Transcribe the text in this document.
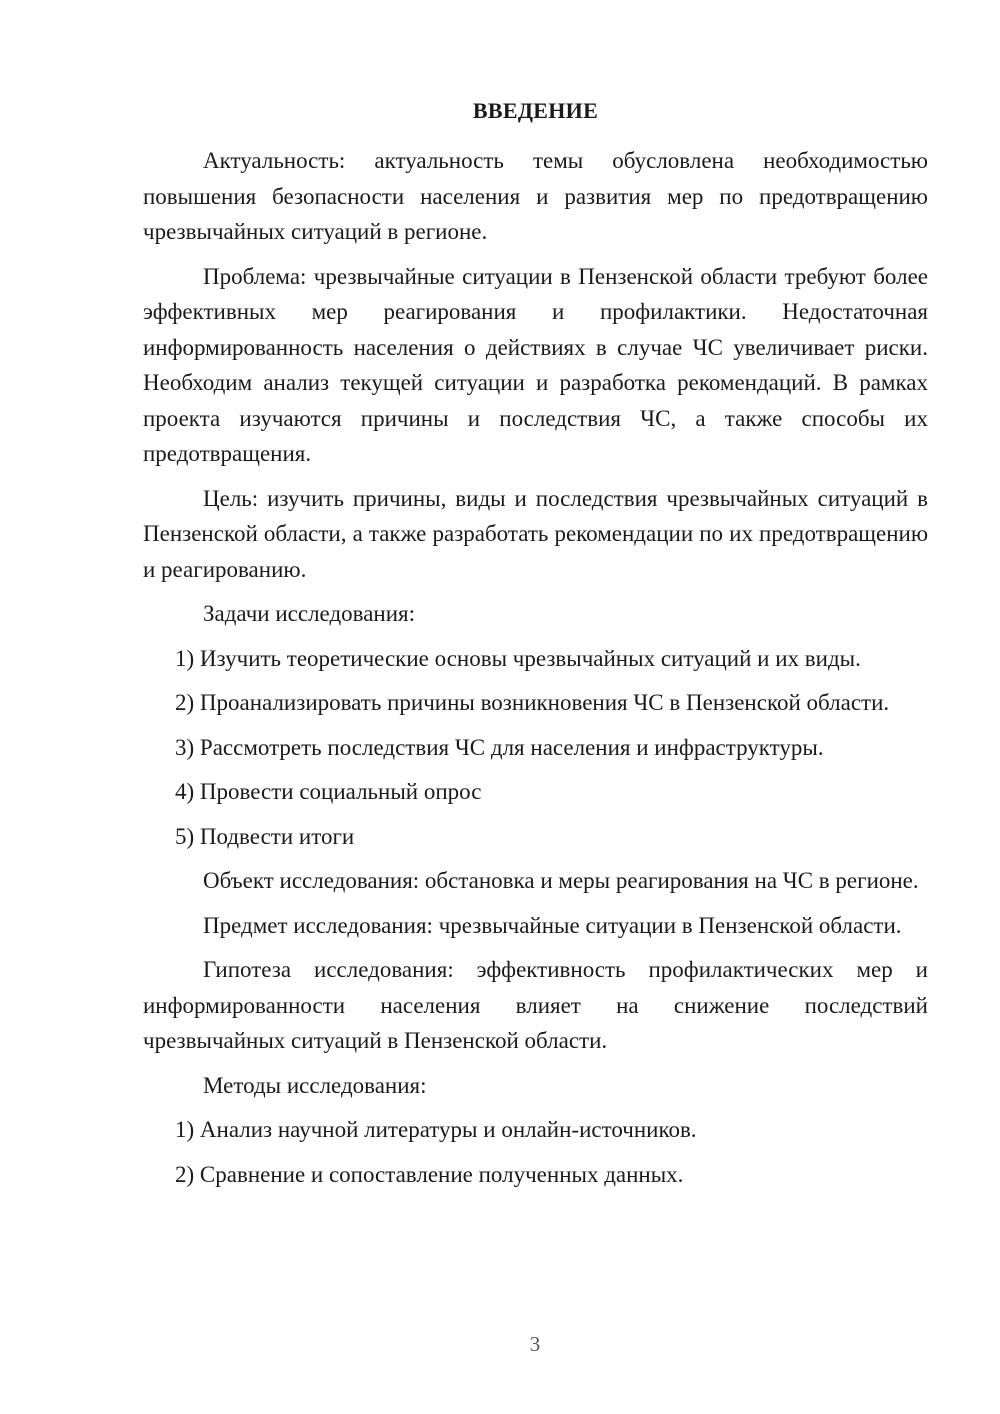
ВВЕДЕНИЕ

Актуальность: актуальность темы обусловлена необходимостью повышения безопасности населения и развития мер по предотвращению чрезвычайных ситуаций в регионе.

Проблема: чрезвычайные ситуации в Пензенской области требуют более эффективных мер реагирования и профилактики. Недостаточная информированность населения о действиях в случае ЧС увеличивает риски. Необходим анализ текущей ситуации и разработка рекомендаций. В рамках проекта изучаются причины и последствия ЧС, а также способы их предотвращения.

Цель: изучить причины, виды и последствия чрезвычайных ситуаций в Пензенской области, а также разработать рекомендации по их предотвращению и реагированию.

Задачи исследования:

1) Изучить теоретические основы чрезвычайных ситуаций и их виды.

2) Проанализировать причины возникновения ЧС в Пензенской области.

3) Рассмотреть последствия ЧС для населения и инфраструктуры.

4) Провести социальный опрос

5) Подвести итоги

Объект исследования: обстановка и меры реагирования на ЧС в регионе.

Предмет исследования: чрезвычайные ситуации в Пензенской области.

Гипотеза исследования: эффективность профилактических мер и информированности населения влияет на снижение последствий чрезвычайных ситуаций в Пензенской области.

Методы исследования:

1) Анализ научной литературы и онлайн-источников.

2) Сравнение и сопоставление полученных данных.

3
